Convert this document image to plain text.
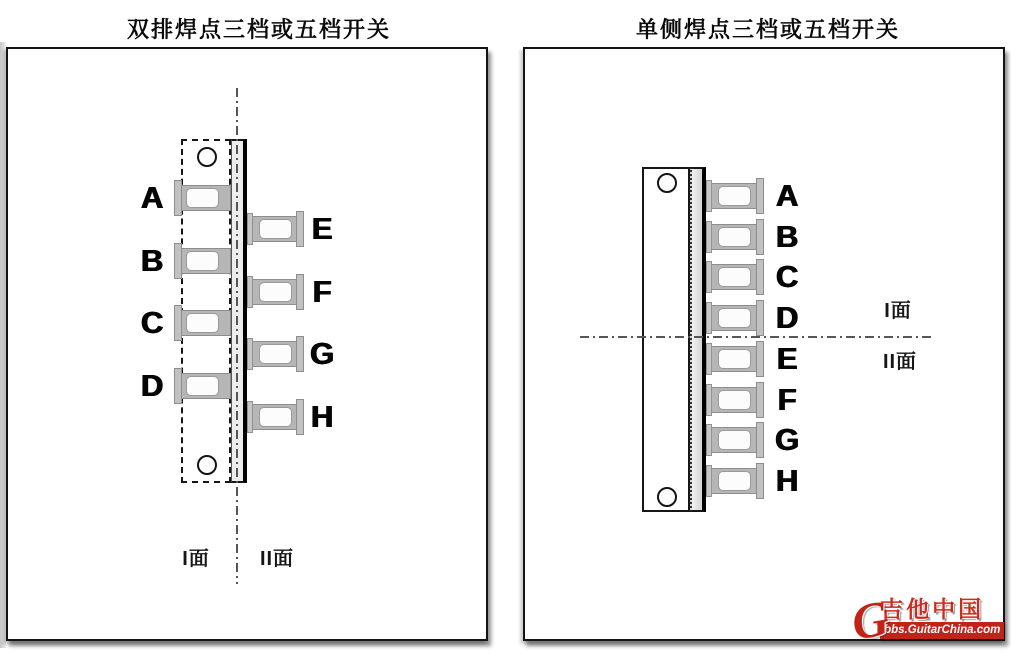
双排焊点三档或五档开关	单侧焊点三档或五档开关
A
B
C
D
E
F
G
H
I面	II面
A
B
C
D
E
F
G
H
I面
II面
G
吉他中国
bbs.GuitarChina.com
